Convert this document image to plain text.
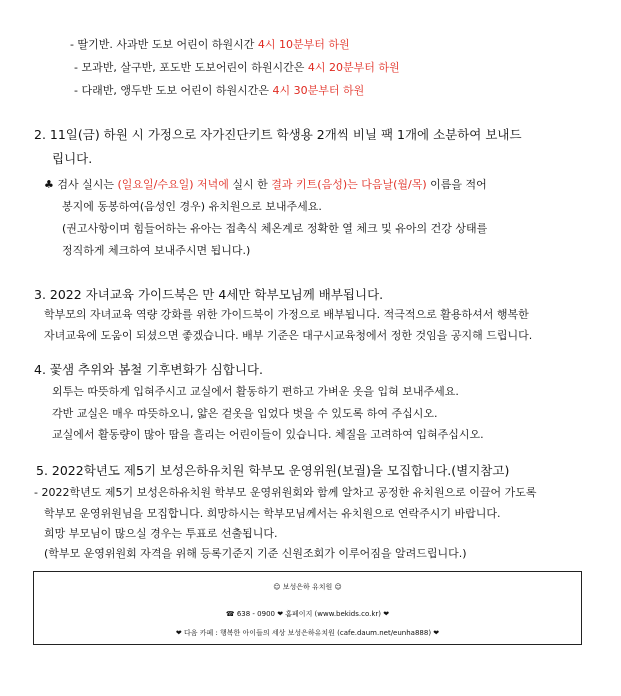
- 딸기반. 사과반 도보 어린이 하원시간 4시 10분부터 하원
- 모과반, 살구반, 포도반 도보어린이 하원시간은 4시 20분부터 하원
- 다래반, 앵두반 도보 어린이 하원시간은 4시 30분부터 하원
2. 11일(금) 하원 시 가정으로 자가진단키트 학생용 2개씩 비닐 팩 1개에 소분하여 보내드
립니다.
♣ 검사 실시는 (일요일/수요일) 저녁에 실시 한 결과 키트(음성)는 다음날(월/목) 이름을 적어
봉지에 동봉하여(음성인 경우) 유치원으로 보내주세요.
(권고사항이며 힘들어하는 유아는 접촉식 체온계로 정확한 열 체크 및 유아의 건강 상태를
정직하게 체크하여 보내주시면 됩니다.)
3. 2022 자녀교육 가이드북은 만 4세만 학부모님께 배부됩니다.
학부모의 자녀교육 역량 강화를 위한 가이드북이 가정으로 배부됩니다. 적극적으로 활용하셔서 행복한
자녀교육에 도움이 되셨으면 좋겠습니다. 배부 기준은 대구시교육청에서 정한 것임을 공지해 드립니다.
4. 꽃샘 추위와 봄철 기후변화가 심합니다.
외투는 따뜻하게 입혀주시고 교실에서 활동하기 편하고 가벼운 옷을 입혀 보내주세요.
각반 교실은 매우 따뜻하오니, 얇은 겉옷을 입었다 벗을 수 있도록 하여 주십시오.
교실에서 활동량이 많아 땀을 흘리는 어린이들이 있습니다. 체질을 고려하여 입혀주십시오.
5. 2022학년도 제5기 보성은하유치원 학부모 운영위원(보궐)을 모집합니다.(별지참고)
- 2022학년도 제5기 보성은하유치원 학부모 운영위원회와 함께 알차고 공정한 유치원으로 이끌어 가도록
학부모 운영위원님을 모집합니다. 희망하시는 학부모님께서는 유치원으로 연락주시기 바랍니다.
희망 부모님이 많으실 경우는 투표로 선출됩니다.
(학부모 운영위원회 자격을 위해 등록기준지 기준 신원조회가 이루어짐을 알려드립니다.)
☺ 보성은하 유치원 ☺
☎ 638 - 0900 ❤ 홈페이지 (www.bekids.co.kr) ❤
❤ 다음 카페 : 행복한 아이들의 세상 보성은하유치원 (cafe.daum.net/eunha888) ❤
